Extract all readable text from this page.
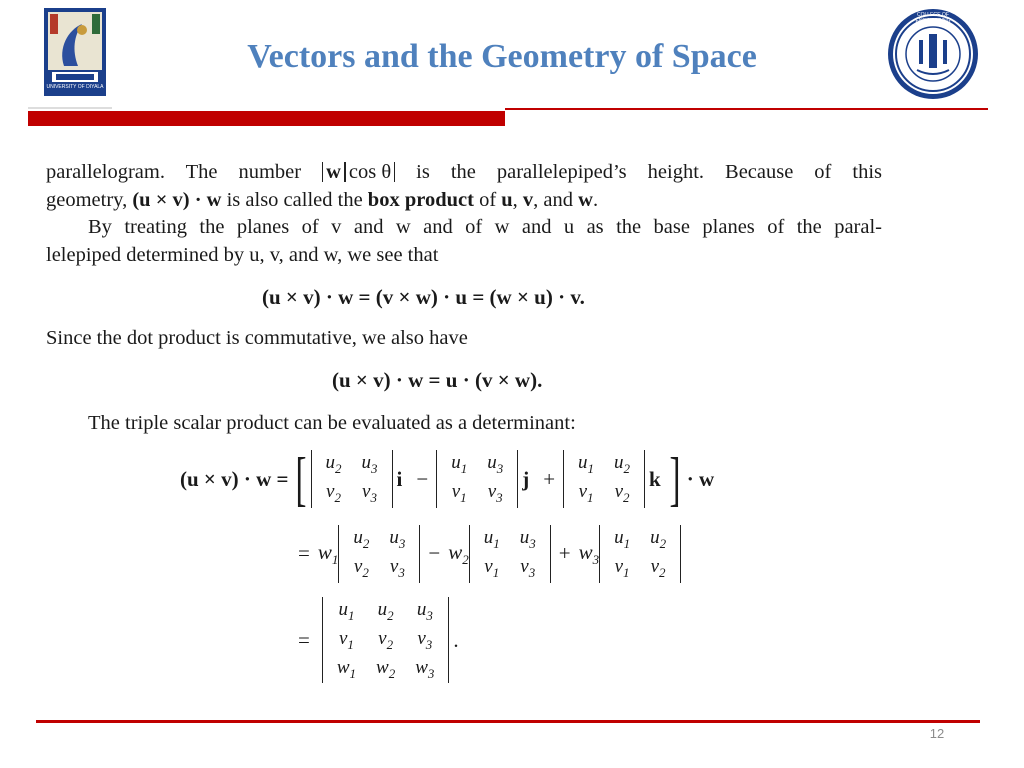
UNIVERSITY OF DIYALA
Vectors and the Geometry of Space
COLLEGE OF ENGINEERING
parallelogram. The number w cos θ is the parallelepiped’s height. Because of this
geometry, (u × v) · w is also called the box product of u, v, and w.
By treating the planes of v and w and of w and u as the base planes of the paral-
lelepiped determined by u, v, and w, we see that
(u × v) · w = (v × w) · u = (w × u) · v.
Since the dot product is commutative, we also have
(u × v) · w = u · (v × w).
The triple scalar product can be evaluated as a determinant:
(u × v) · w = [ $u_2$	$u_3$
$v_2$	$v_3$
i −
$u_1$	$u_3$
$v_1$	$v_3$
j +
$u_1$	$u_2$
$v_1$	$v_2$
k ] · w
= $w_1$
$u_2$	$u_3$
$v_2$	$v_3$
− $w_2$
$u_1$	$u_3$
$v_1$	$v_3$
+ $w_3$
$u_1$	$u_2$
$v_1$	$v_2$
=
$u_1$	$u_2$	$u_3$
$v_1$	$v_2$	$v_3$
$w_1$	$w_2$	$w_3$
.
12
